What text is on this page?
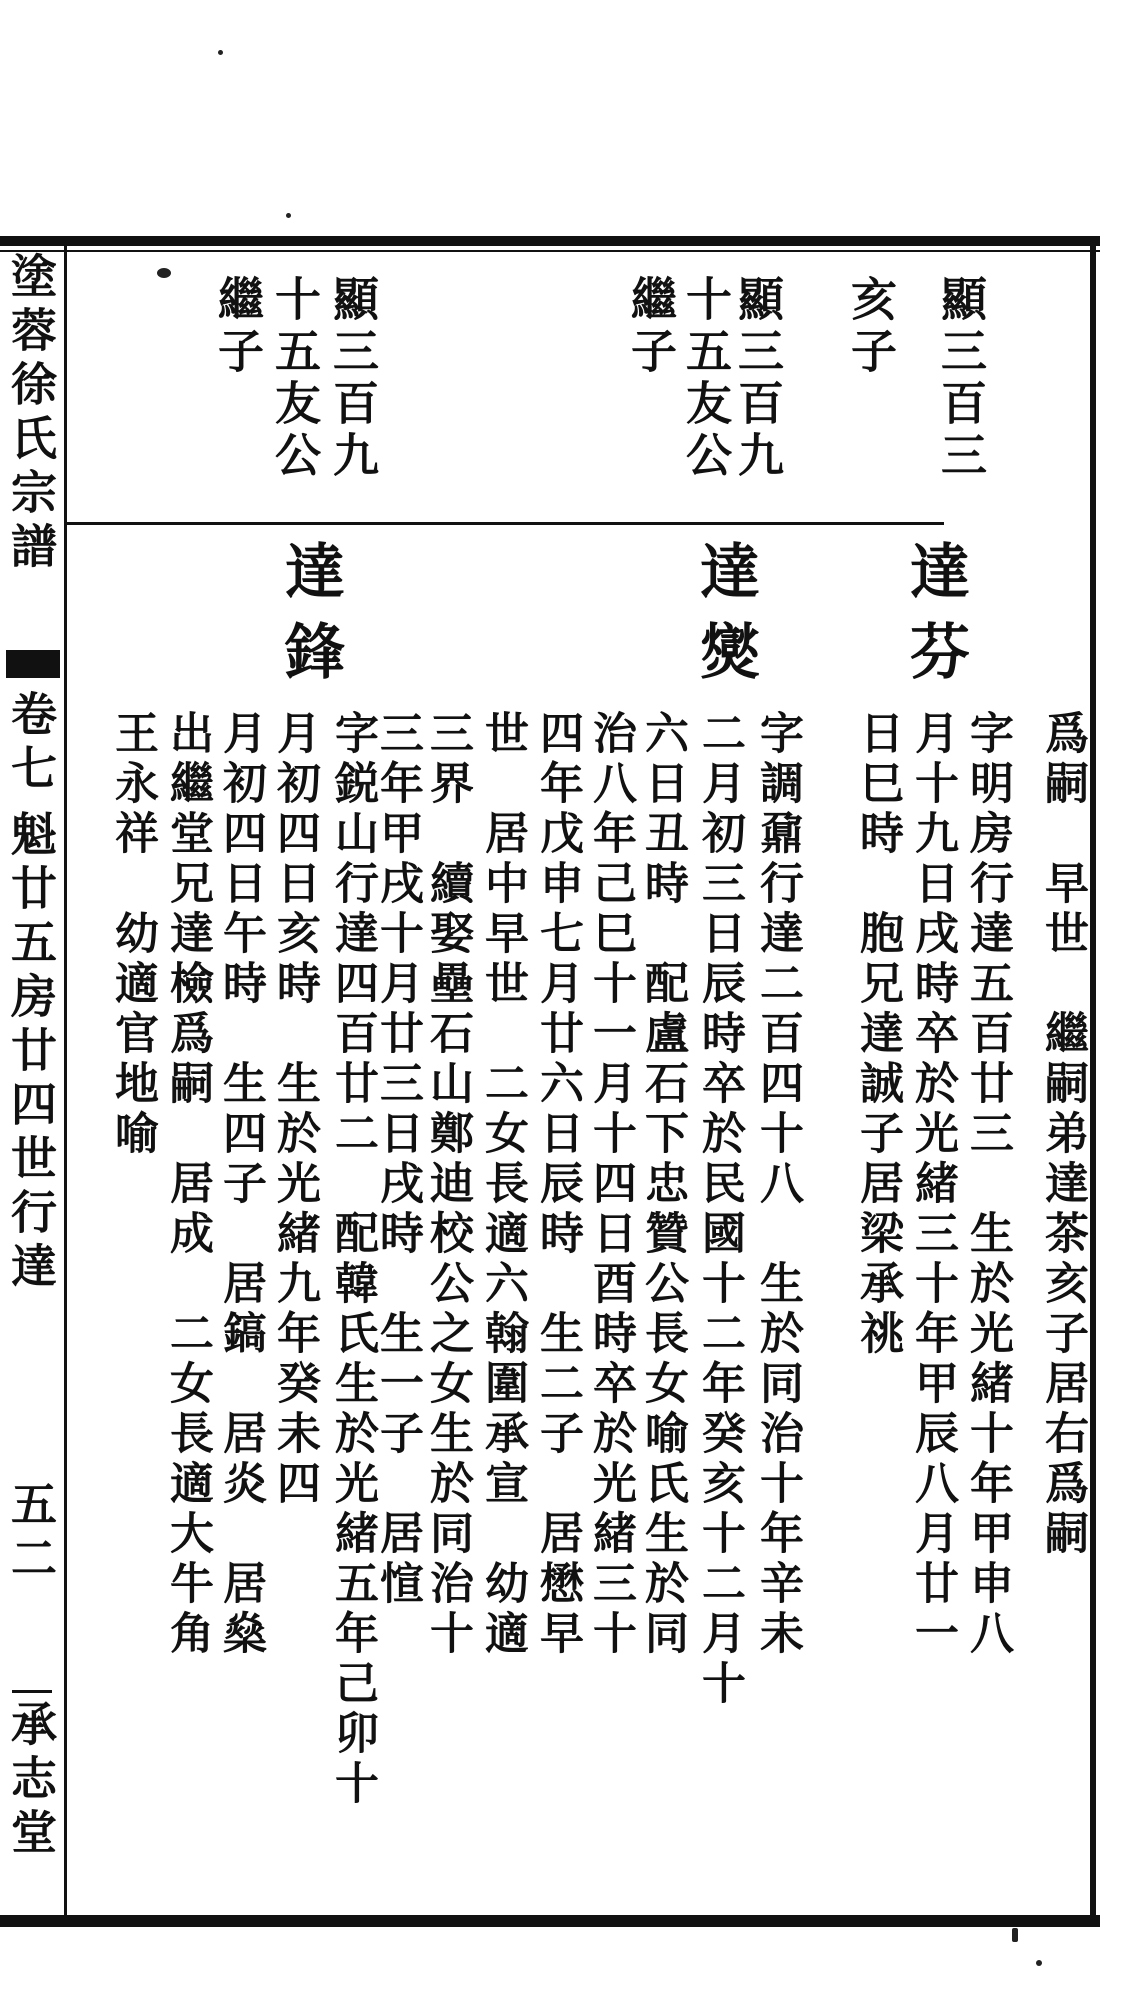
塗蓉徐氏宗譜
卷七
魁廿五房廿四世行達
五二
承志堂
顯三百三
亥子
顯三百九
十五友公
繼子
顯三百九
十五友公
繼子
達芬
達爕
達鋒
爲嗣　早世　繼嗣弟達茶亥子居右爲嗣
字明房行達五百廿三　生於光緒十年甲申八
月十九日戌時卒於光緒三十年甲辰八月廿一
日巳時　胞兄達誠子居梁承祧
字調鼐行達二百四十八　生於同治十年辛未
二月初三日辰時卒於民國十二年癸亥十二月十
六日丑時　配盧石下忠贊公長女喻氏生於同
治八年己巳十一月十四日酉時卒於光緒三十
四年戊申七月廿六日辰時　生二子　居懋早
世　居中早世　二女長適六翰圍承宣　幼適
三界　續娶壘石山鄭迪校公之女生於同治十
三年甲戌十月廿三日戌時　生一子　居愃
字鋭山行達四百廿二　配韓氏生於光緒五年己卯十
月初四日亥時　生於光緒九年癸未四
月初四日午時　生四子　居鎬　居炎　居燊
出繼堂兄達檢爲嗣　居成　二女長適大牛角
王永祥　幼適官地喻
